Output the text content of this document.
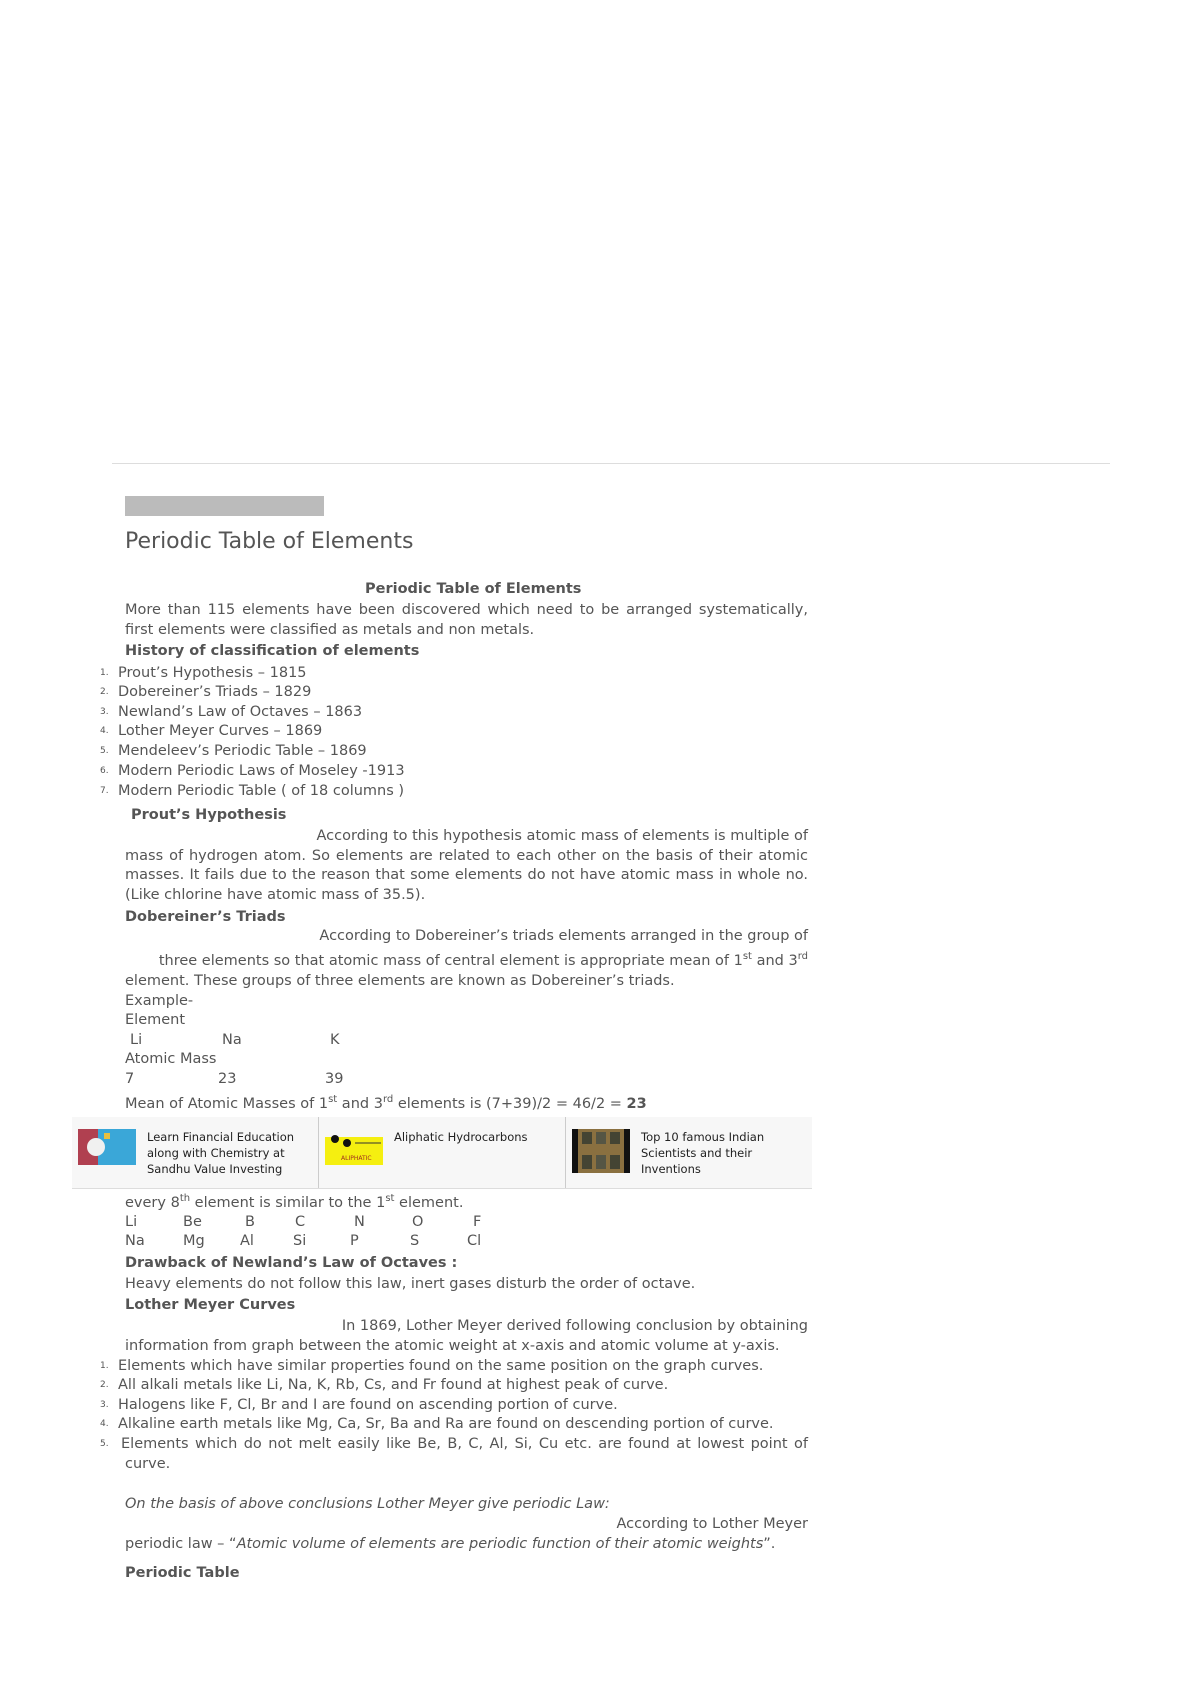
Periodic Table of Elements
Periodic Table of Elements
More than 115 elements have been discovered which need to be arranged systematically,
first elements were classified as metals and non metals.
History of classification of elements
1. Prout’s Hypothesis – 1815
2. Dobereiner’s Triads – 1829
3. Newland’s Law of Octaves – 1863
4. Lother Meyer Curves – 1869
5. Mendeleev’s Periodic Table – 1869
6. Modern Periodic Laws of Moseley -1913
7. Modern Periodic Table ( of 18 columns )
Prout’s Hypothesis
According to this hypothesis atomic mass of elements is multiple of
mass of hydrogen atom. So elements are related to each other on the basis of their atomic
masses. It fails due to the reason that some elements do not have atomic mass in whole no.
(Like chlorine have atomic mass of 35.5).
Dobereiner’s Triads
According to Dobereiner’s triads elements arranged in the group of
three elements so that atomic mass of central element is appropriate mean of 1st and 3rd
element. These groups of three elements are known as Dobereiner’s triads.
Example-
Element
Li	Na	K
Atomic Mass
7	23	39
Mean of Atomic Masses of 1st and 3rd elements is (7+39)/2 = 46/2 = 23
Learn Financial Education along with Chemistry at Sandhu Value Investing
ALIPHATIC
Aliphatic Hydrocarbons	Top 10 famous Indian Scientists and their Inventions
every 8th element is similar to the 1st element.
Li	Be	B	C	N	O	F
Na	Mg Al	Si	P	S	Cl
Drawback of Newland’s Law of Octaves :
Heavy elements do not follow this law, inert gases disturb the order of octave.
Lother Meyer Curves
In 1869, Lother Meyer derived following conclusion by obtaining
information from graph between the atomic weight at x-axis and atomic volume at y-axis.
1. Elements which have similar properties found on the same position on the graph curves.
2. All alkali metals like Li, Na, K, Rb, Cs, and Fr found at highest peak of curve.
3. Halogens like F, Cl, Br and I are found on ascending portion of curve.
4. Alkaline earth metals like Mg, Ca, Sr, Ba and Ra are found on descending portion of curve.
5. Elements which do not melt easily like Be, B, C, Al, Si, Cu etc. are found at lowest point of
curve.
On the basis of above conclusions Lother Meyer give periodic Law:
According to Lother Meyer
periodic law – “Atomic volume of elements are periodic function of their atomic weights”.
Periodic Table
